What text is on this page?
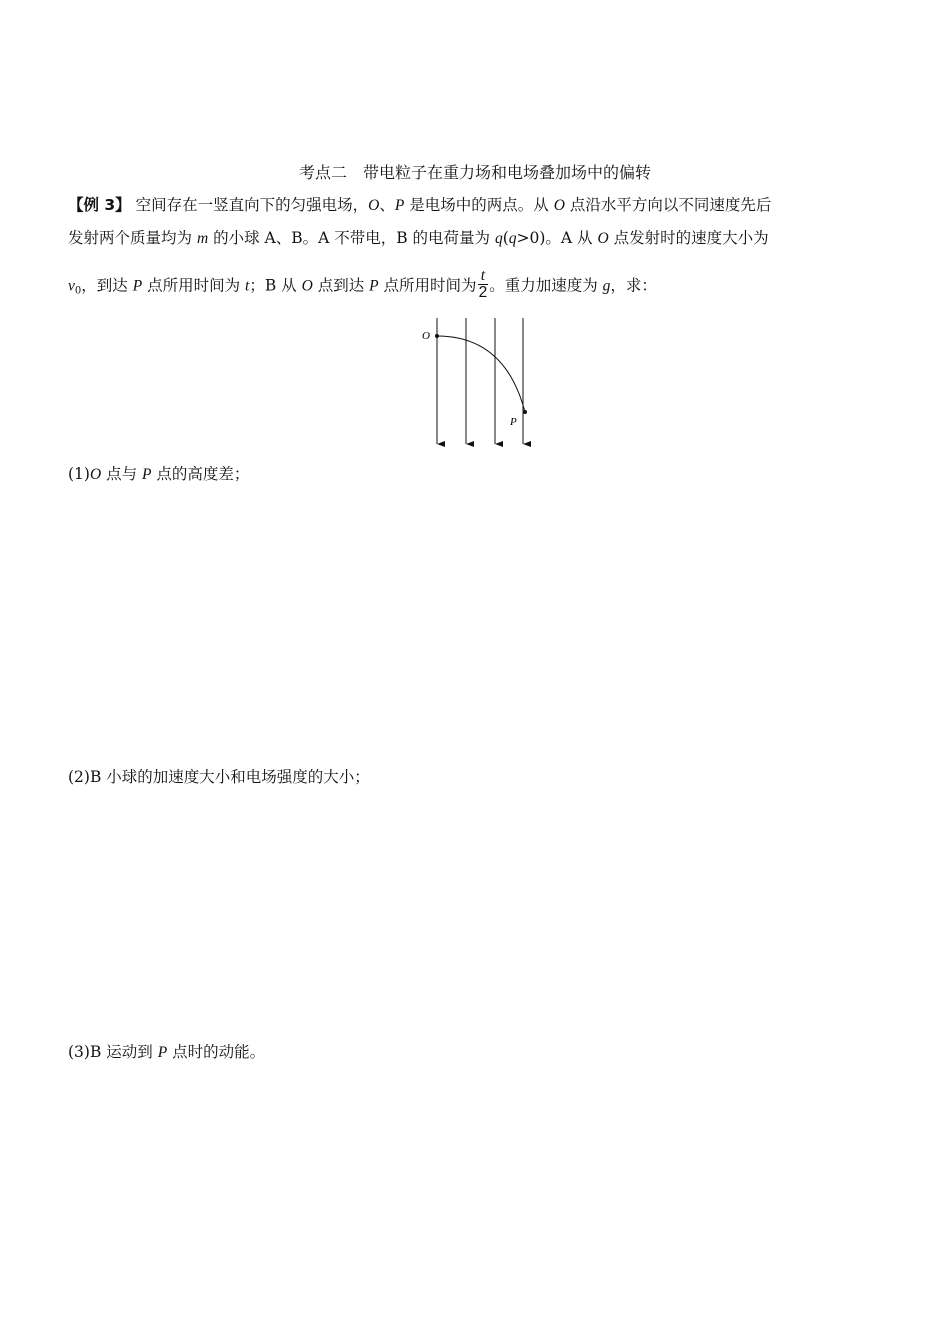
考点二　带电粒子在重力场和电场叠加场中的偏转
【例 3】 空间存在一竖直向下的匀强电场，O、P 是电场中的两点。从 O 点沿水平方向以不同速度先后
发射两个质量均为 m 的小球 A、B。A 不带电，B 的电荷量为 q(q>0)。A 从 O 点发射时的速度大小为
$v_0$，到达 P 点所用时间为 t；B 从 O 点到达 P 点所用时间为 $\frac{t}{2}$ 。重力加速度为 g，求：
O
P
(1)O 点与 P 点的高度差；
(2)B 小球的加速度大小和电场强度的大小；
(3)B 运动到 P 点时的动能。
